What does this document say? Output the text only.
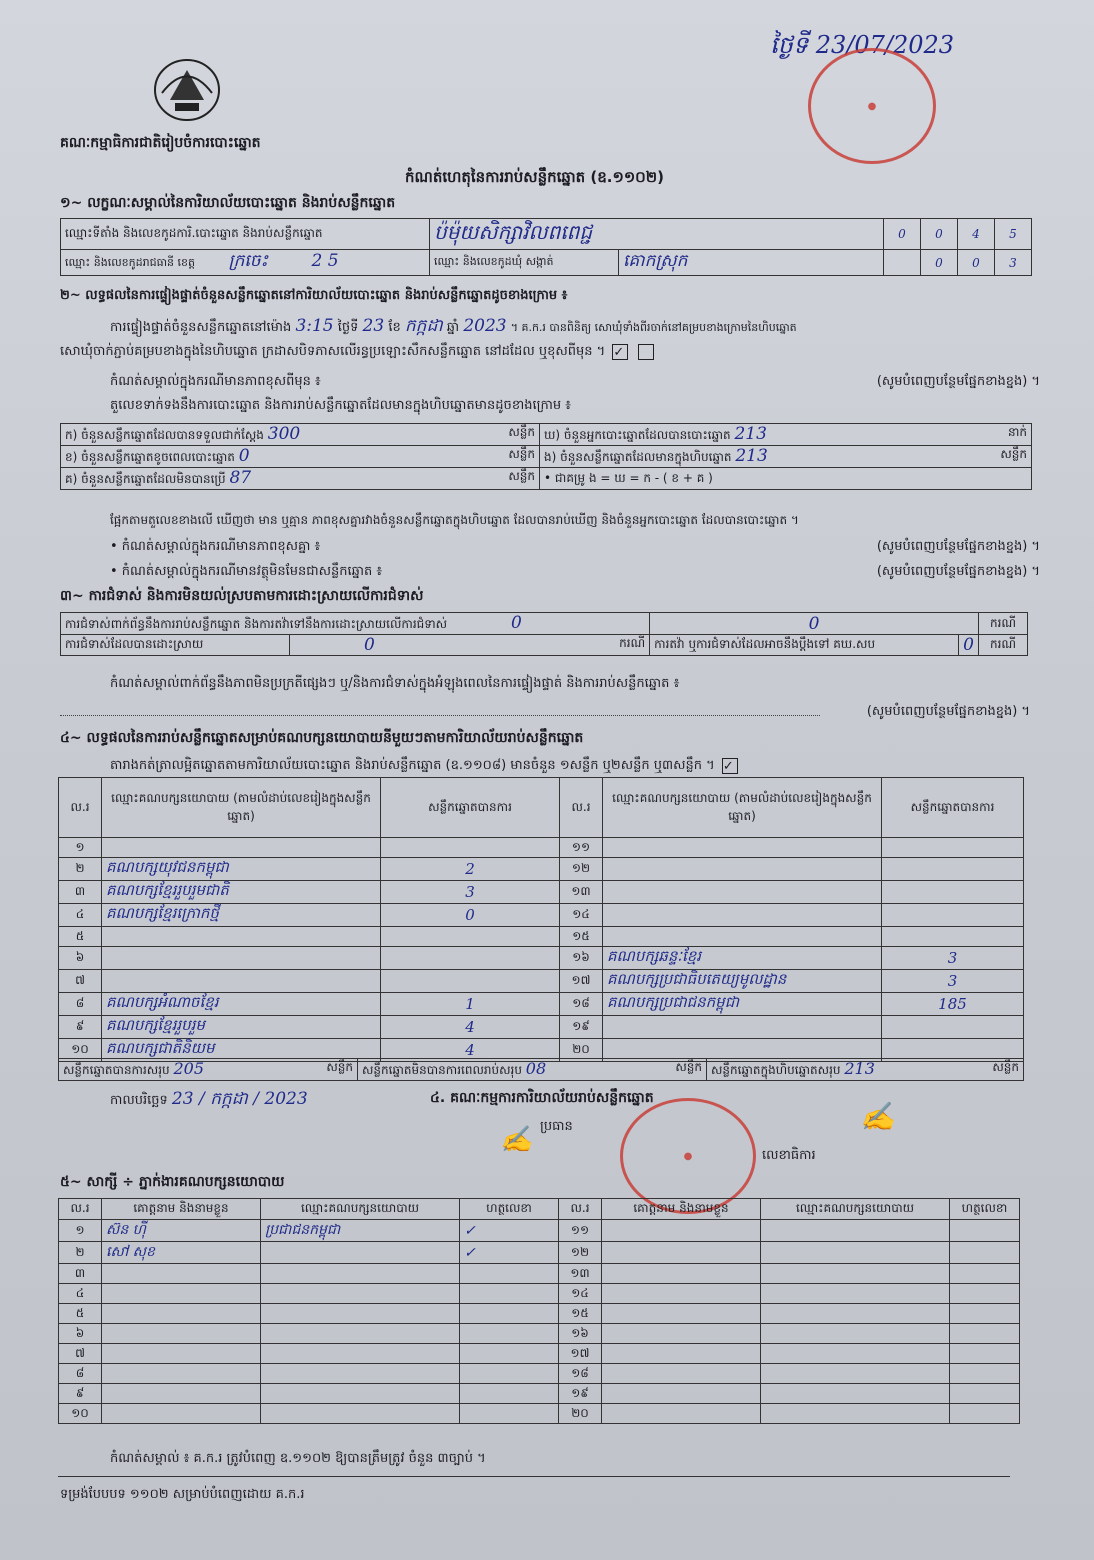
គណៈកម្មាធិការជាតិរៀបចំការបោះឆ្នោត
កំណត់ហេតុនៃការរាប់សន្លឹកឆ្នោត (ឧ.១១០២)
ថ្ងៃទី 23/07/2023
●
១~ លក្ខណៈសម្គាល់នៃការិយាល័យបោះឆ្នោត និងរាប់សន្លឹកឆ្នោត
ឈ្មោះទីតាំង និងលេខកូដការិ.បោះឆ្នោត និងរាប់សន្លឹកឆ្នោត	ប៉ម៉ុយសិក្សាវិលពពេជ្ជ		0	0	4	5
ឈ្មោះ និងលេខកូដរាជធានី ខេត្ត ក្រចេះ 2 5	ឈ្មោះ និងលេខកូដឃុំ សង្កាត់	គោកស្រុក		0	0	3
២~ លទ្ធផលនៃការផ្ទៀងផ្ទាត់ចំនួនសន្លឹកឆ្នោតនៅការិយាល័យបោះឆ្នោត និងរាប់សន្លឹកឆ្នោតដូចខាងក្រោម ៖
ការផ្ទៀងផ្ទាត់ចំនួនសន្លឹកឆ្នោតនៅម៉ោង 3:15 ថ្ងៃទី 23 ខែ កក្កដា ឆ្នាំ 2023 ។ គ.ក.រ បានពិនិត្យ សោឃុំទាំងពីរចាក់នៅគម្របខាងក្រោមនៃហិបឆ្នោត
សោឃុំចាក់ភ្ជាប់គម្របខាងក្នុងនៃហិបឆ្នោត ក្រដាសបិទភាសលើរន្ធប្រឡោះសឹកសន្លឹកឆ្នោត នៅដដែល ឬខុសពីមុន ។ ✓
កំណត់សម្គាល់ក្នុងករណីមានភាពខុសពីមុន ៖	(សូមបំពេញបន្ថែមផ្នែកខាងខ្នង) ។
តួលេខទាក់ទងនឹងការបោះឆ្នោត និងការរាប់សន្លឹកឆ្នោតដែលមានក្នុងហិបឆ្នោតមានដូចខាងក្រោម ៖
ក) ចំនួនសន្លឹកឆ្នោតដែលបានទទួលជាក់ស្តែង 300 សន្លឹក	ឃ) ចំនួនអ្នកបោះឆ្នោតដែលបានបោះឆ្នោត 213 នាក់

ខ) ចំនួនសន្លឹកឆ្នោតខូចពេលបោះឆ្នោត 0 សន្លឹក	ង) ចំនួនសន្លឹកឆ្នោតដែលមានក្នុងហិបឆ្នោត 213 សន្លឹក

គ) ចំនួនសន្លឹកឆ្នោតដែលមិនបានប្រើ 87 សន្លឹក	• ជាគម្រូ ង = ឃ = ក - ( ខ + គ )
ផ្អែកតាមតួលេខខាងលើ ឃើញថា មាន ឬគ្មាន ភាពខុសគ្នារវាងចំនួនសន្លឹកឆ្នោតក្នុងហិបឆ្នោត ដែលបានរាប់ឃើញ និងចំនួនអ្នកបោះឆ្នោត ដែលបានបោះឆ្នោត ។
• កំណត់សម្គាល់ក្នុងករណីមានភាពខុសគ្នា ៖	(សូមបំពេញបន្ថែមផ្នែកខាងខ្នង) ។
• កំណត់សម្គាល់ក្នុងករណីមានវត្ថុមិនមែនជាសន្លឹកឆ្នោត ៖	(សូមបំពេញបន្ថែមផ្នែកខាងខ្នង) ។
៣~ ការជំទាស់ និងការមិនយល់ស្របតាមការដោះស្រាយលើការជំទាស់
ការជំទាស់ពាក់ព័ន្ធនឹងការរាប់សន្លឹកឆ្នោត និងការតវ៉ាទៅនឹងការដោះស្រាយលើការជំទាស់ 0		0		ករណី
ការជំទាស់ដែលបានដោះស្រាយ	0 ករណី	ការតវ៉ា ឬការជំទាស់ដែលអាចនឹងប្តឹងទៅ គឃ.សប	0	ករណី
កំណត់សម្គាល់ពាក់ព័ន្ធនឹងភាពមិនប្រក្រតីផ្សេងៗ ឬ/និងការជំទាស់ក្នុងអំឡុងពេលនៃការផ្ទៀងផ្ទាត់ និងការរាប់សន្លឹកឆ្នោត ៖
(សូមបំពេញបន្ថែមផ្នែកខាងខ្នង) ។
៤~ លទ្ធផលនៃការរាប់សន្លឹកឆ្នោតសម្រាប់គណបក្សនយោបាយនីមួយៗតាមការិយាល័យរាប់សន្លឹកឆ្នោត
តារាងកត់ត្រាលម្អិតឆ្នោតតាមការិយាល័យបោះឆ្នោត និងរាប់សន្លឹកឆ្នោត (ឧ.១១០៨) មានចំនួន ១សន្លឹក ឬ២សន្លឹក ឬ៣សន្លឹក ។ ✓
ល.រ	ឈ្មោះគណបក្សនយោបាយ (តាមលំដាប់លេខរៀងក្នុងសន្លឹកឆ្នោត)	សន្លឹកឆ្នោតបានការ	ល.រ	ឈ្មោះគណបក្សនយោបាយ (តាមលំដាប់លេខរៀងក្នុងសន្លឹកឆ្នោត)	សន្លឹកឆ្នោតបានការ
១			១១		
២	គណបក្សយុវជនកម្ពុជា	2	១២		
៣	គណបក្សខ្មែររួបរួមជាតិ	3	១៣		
៤	គណបក្សខ្មែរក្រោកថ្មី	0	១៤		
៥			១៥		
៦			១៦	គណបក្សឆន្ទៈខ្មែរ	3
៧			១៧	គណបក្សប្រជាធិបតេយ្យមូលដ្ឋាន	3
៨	គណបក្សអំណាចខ្មែរ	1	១៨	គណបក្សប្រជាជនកម្ពុជា	185
៩	គណបក្សខ្មែររួបរួម	4	១៩		
១០	គណបក្សជាតិនិយម	4	២០		
សន្លឹកឆ្នោតបានការសរុប 205	សន្លឹក	សន្លឹកឆ្នោតមិនបានការពេលរាប់សរុប 08	សន្លឹក	សន្លឹកឆ្នោតក្នុងហិបឆ្នោតសរុប 213	សន្លឹក
កាលបរិច្ឆេទ 23 / កក្កដា / 2023	៤. គណៈកម្មការការិយាល័យរាប់សន្លឹកឆ្នោត
ប្រធាន
លេខាធិការ
●
✍
✍
៥~ សាក្សី ÷ ភ្នាក់ងារគណបក្សនយោបាយ
ល.រ	គោត្តនាម និងនាមខ្លួន	ឈ្មោះគណបក្សនយោបាយ	ហត្ថលេខា	ល.រ	គោត្តនាម និងនាមខ្លួន	ឈ្មោះគណបក្សនយោបាយ	ហត្ថលេខា
១	ស៊ន ហ៊ី	ប្រជាជនកម្ពុជា	✓	១១			
២	សៅ សុខ		✓	១២			
៣				១៣			
៤				១៤			
៥				១៥			
៦				១៦			
៧				១៧			
៨				១៨			
៩				១៩			
១០				២០			
កំណត់សម្គាល់ ៖ គ.ក.រ ត្រូវបំពេញ ឧ.១១០២ ឱ្យបានត្រឹមត្រូវ ចំនួន ៣ច្បាប់ ។
ទម្រង់បែបបទ ១១០២ សម្រាប់បំពេញដោយ គ.ក.រ
